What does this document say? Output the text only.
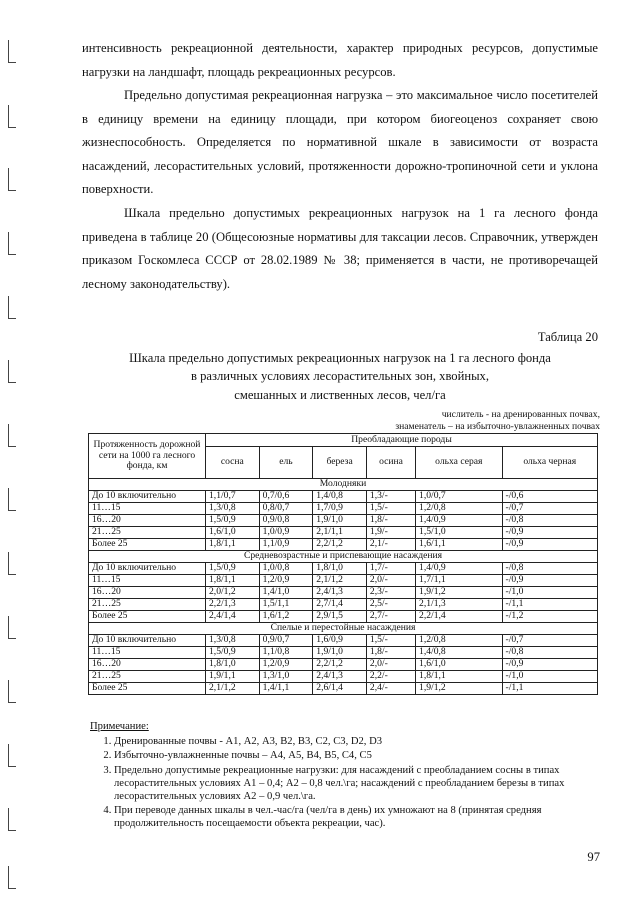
интенсивность рекреационной деятельности, характер природных ресурсов, допустимые нагрузки на ландшафт, площадь рекреационных ресурсов.

Предельно допустимая рекреационная нагрузка – это максимальное число посетителей в единицу времени на единицу площади, при котором биогеоценоз сохраняет свою жизнеспособность. Определяется по нормативной шкале в зависимости от возраста насаждений, лесорастительных условий, протяженности дорожно-тропиночной сети и уклона поверхности.

Шкала предельно допустимых рекреационных нагрузок на 1 га лесного фонда приведена в таблице 20 (Общесоюзные нормативы для таксации лесов. Справочник, утвержден приказом Госкомлеса СССР от 28.02.1989 № 38; применяется в части, не противоречащей лесному законодательству).

Таблица 20
Шкала предельно допустимых рекреационных нагрузок на 1 га лесного фонда
в различных условиях лесорастительных зон, хвойных,
смешанных и лиственных лесов, чел/га
числитель - на дренированных почвах,
знаменатель – на избыточно-увлажненных почвах
Протяженность дорожной сети на 1000 га лесного фонда, км	Преобладающие породы					
	сосна	ель	береза	осина	ольха серая	ольха черная
Молодняки						
До 10 включительно	1,1/0,7	0,7/0,6	1,4/0,8	1,3/-	1,0/0,7	-/0,6
11…15	1,3/0,8	0,8/0,7	1,7/0,9	1,5/-	1,2/0,8	-/0,7
16…20	1,5/0,9	0,9/0,8	1,9/1,0	1,8/-	1,4/0,9	-/0,8
21…25	1,6/1,0	1,0/0,9	2,1/1,1	1,9/-	1,5/1,0	-/0,9
Более 25	1,8/1,1	1,1/0,9	2,2/1,2	2,1/-	1,6/1,1	-/0,9
Средневозрастные и приспевающие насаждения						
До 10 включительно	1,5/0,9	1,0/0,8	1,8/1,0	1,7/-	1,4/0,9	-/0,8
11…15	1,8/1,1	1,2/0,9	2,1/1,2	2,0/-	1,7/1,1	-/0,9
16…20	2,0/1,2	1,4/1,0	2,4/1,3	2,3/-	1,9/1,2	-/1,0
21…25	2,2/1,3	1,5/1,1	2,7/1,4	2,5/-	2,1/1,3	-/1,1
Более 25	2,4/1,4	1,6/1,2	2,9/1,5	2,7/-	2,2/1,4	-/1,2
Спелые и перестойные насаждения						
До 10 включительно	1,3/0,8	0,9/0,7	1,6/0,9	1,5/-	1,2/0,8	-/0,7
11…15	1,5/0,9	1,1/0,8	1,9/1,0	1,8/-	1,4/0,8	-/0,8
16…20	1,8/1,0	1,2/0,9	2,2/1,2	2,0/-	1,6/1,0	-/0,9
21…25	1,9/1,1	1,3/1,0	2,4/1,3	2,2/-	1,8/1,1	-/1,0
Более 25	2,1/1,2	1,4/1,1	2,6/1,4	2,4/-	1,9/1,2	-/1,1

Примечание:

1. Дренированные почвы - А1, А2, А3, В2, В3, С2, С3, D2, D3
2. Избыточно-увлажненные почвы – А4, А5, В4, В5, С4, С5
3. Предельно допустимые рекреационные нагрузки: для насаждений с преобладанием сосны в типах лесорастительных условиях А1 – 0,4; А2 – 0,8 чел.\га; насаждений с преобладанием березы в типах лесорастительных условиях А2 – 0,9 чел.\га.
4. При переводе данных шкалы в чел.-час/га (чел/га в день) их умножают на 8 (принятая средняя продолжительность посещаемости объекта рекреации, час).
97
